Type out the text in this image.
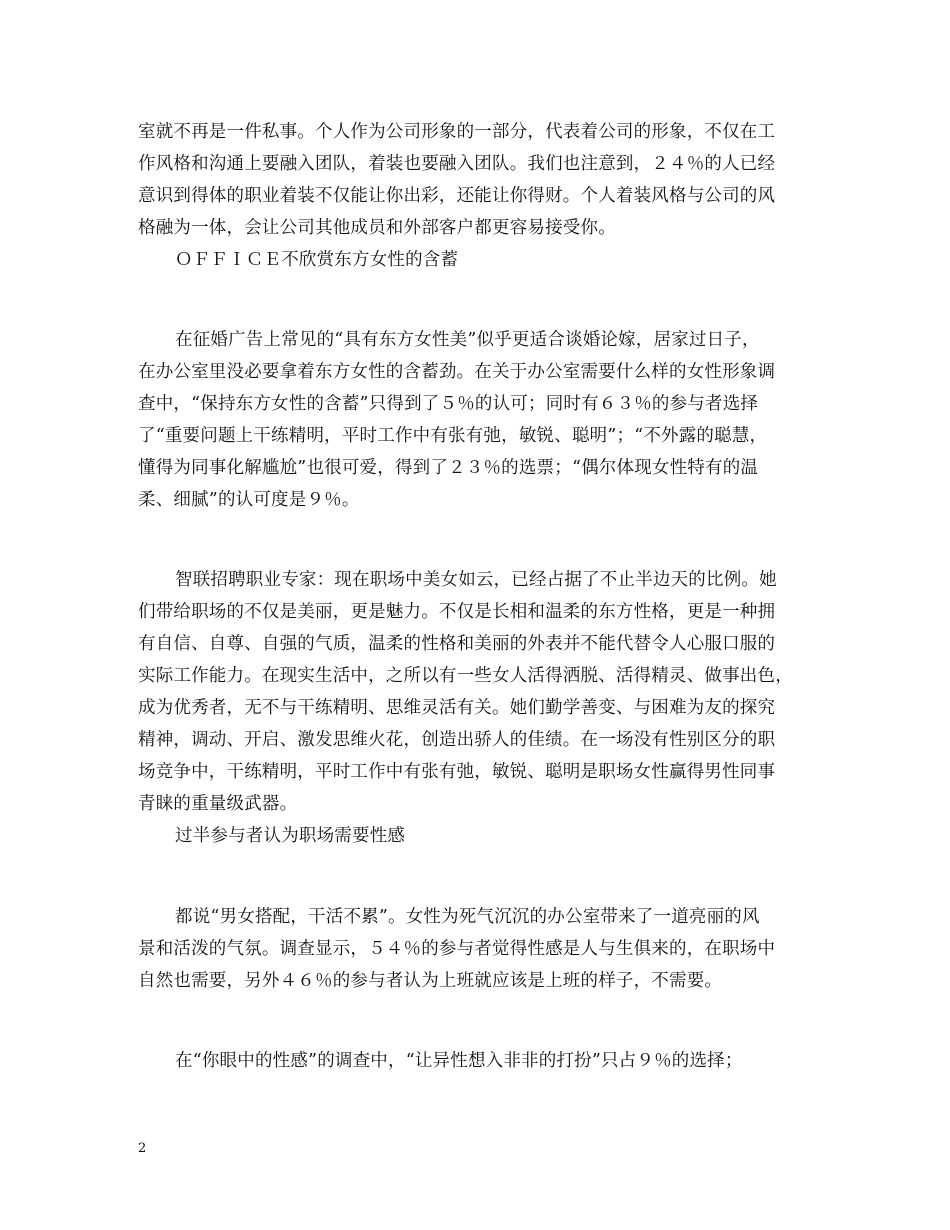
室就不再是一件私事。个人作为公司形象的一部分，代表着公司的形象，不仅在工
作风格和沟通上要融入团队，着装也要融入团队。我们也注意到，２４％的人已经
意识到得体的职业着装不仅能让你出彩，还能让你得财。个人着装风格与公司的风
格融为一体，会让公司其他成员和外部客户都更容易接受你。
ＯＦＦＩＣＥ不欣赏东方女性的含蓄
在征婚广告上常见的“具有东方女性美”似乎更适合谈婚论嫁，居家过日子，
在办公室里没必要拿着东方女性的含蓄劲。在关于办公室需要什么样的女性形象调
查中，“保持东方女性的含蓄”只得到了５％的认可；同时有６３％的参与者选择
了“重要问题上干练精明，平时工作中有张有弛，敏锐、聪明”；“不外露的聪慧，
懂得为同事化解尴尬”也很可爱，得到了２３％的选票；“偶尔体现女性特有的温
柔、细腻”的认可度是９％。
智联招聘职业专家：现在职场中美女如云，已经占据了不止半边天的比例。她
们带给职场的不仅是美丽，更是魅力。不仅是长相和温柔的东方性格，更是一种拥
有自信、自尊、自强的气质，温柔的性格和美丽的外表并不能代替令人心服口服的
实际工作能力。在现实生活中，之所以有一些女人活得洒脱、活得精灵、做事出色，
成为优秀者，无不与干练精明、思维灵活有关。她们勤学善变、与困难为友的探究
精神，调动、开启、激发思维火花，创造出骄人的佳绩。在一场没有性别区分的职
场竞争中，干练精明，平时工作中有张有弛，敏锐、聪明是职场女性赢得男性同事
青睐的重量级武器。
过半参与者认为职场需要性感
都说“男女搭配，干活不累”。女性为死气沉沉的办公室带来了一道亮丽的风
景和活泼的气氛。调查显示，５４％的参与者觉得性感是人与生俱来的，在职场中
自然也需要，另外４６％的参与者认为上班就应该是上班的样子，不需要。
在“你眼中的性感”的调查中，“让异性想入非非的打扮”只占９％的选择；
2
